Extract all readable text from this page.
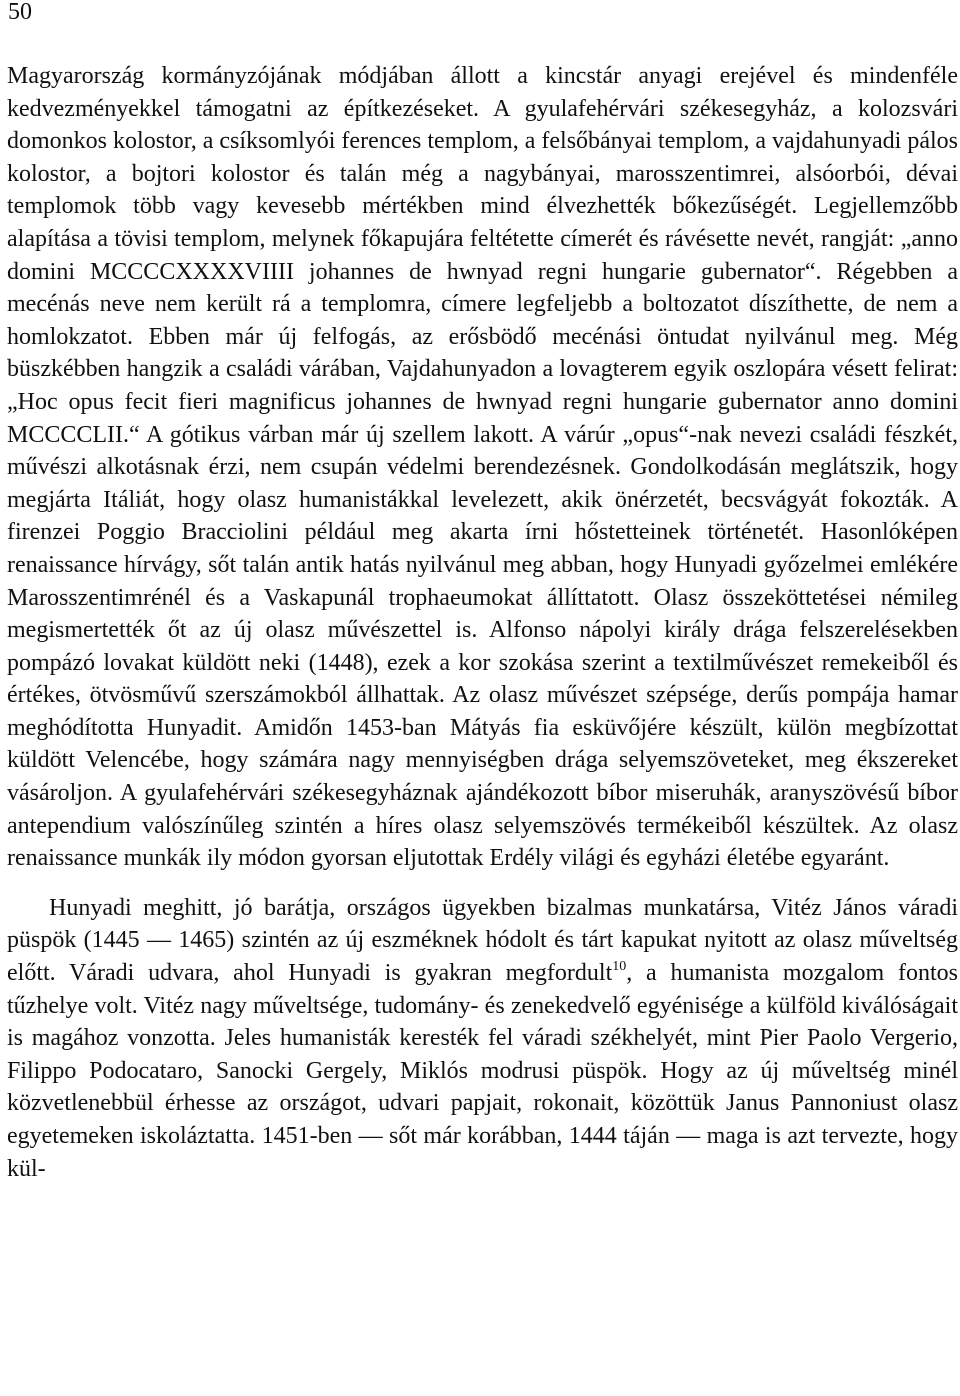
50

Magyarország kormányzójának módjában állott a kincstár anyagi erejével és mindenféle kedvezményekkel támogatni az építkezéseket. A gyulafehérvári székesegyház, a kolozsvári domonkos kolostor, a csíksomlyói ferences templom, a felsőbányai templom, a vajdahunyadi pálos kolostor, a bojtori kolostor és talán még a nagybányai, marosszentimrei, alsóorbói, dévai templomok több vagy kevesebb mértékben mind élvezhették bőkezűségét. Legjellemzőbb alapítása a tövisi templom, melynek főkapujára feltétette címerét és rávésette nevét, rangját: „anno domini MCCCCXXXXVIIII johannes de hwnyad regni hungarie gubernator“. Régebben a mecénás neve nem került rá a templomra, címere legfeljebb a boltozatot díszíthette, de nem a homlokzatot. Ebben már új felfogás, az erősbödő mecénási öntudat nyilvánul meg. Még büszkébben hangzik a családi várában, Vajdahunyadon a lovagterem egyik oszlopára vésett felirat: „Hoc opus fecit fieri magnificus johannes de hwnyad regni hungarie gubernator anno domini MCCCCLII.“ A gótikus várban már új szellem lakott. A várúr „opus“-nak nevezi családi fészkét, művészi alkotásnak érzi, nem csupán védelmi berendezésnek. Gondolkodásán meglátszik, hogy megjárta Itáliát, hogy olasz humanistákkal levelezett, akik önérzetét, becsvágyát fokozták. A firenzei Poggio Bracciolini például meg akarta írni hőstetteinek történetét. Hasonlóképen renaissance hírvágy, sőt talán antik hatás nyilvánul meg abban, hogy Hunyadi győzelmei emlékére Marosszentimrénél és a Vaskapunál trophaeumokat állíttatott. Olasz összeköttetései némileg megismertették őt az új olasz művészettel is. Alfonso nápolyi király drága felszerelésekben pompázó lovakat küldött neki (1448), ezek a kor szokása szerint a textilművészet remekeiből és értékes, ötvösművű szerszámokból állhattak. Az olasz művészet szépsége, derűs pompája hamar meghódította Hunyadit. Amidőn 1453-ban Mátyás fia esküvőjére készült, külön megbízottat küldött Velencébe, hogy számára nagy mennyiségben drága selyemszöveteket, meg ékszereket vásároljon. A gyulafehérvári székesegyháznak ajándékozott bíbor miseruhák, aranyszövésű bíbor antependium valószínűleg szintén a híres olasz selyemszövés termékeiből készültek. Az olasz renaissance munkák ily módon gyorsan eljutottak Erdély világi és egyházi életébe egyaránt.

Hunyadi meghitt, jó barátja, országos ügyekben bizalmas munkatársa, Vitéz János váradi püspök (1445 — 1465) szintén az új eszméknek hódolt és tárt kapukat nyitott az olasz műveltség előtt. Váradi udvara, ahol Hunyadi is gyakran megfordult$^{10}$, a humanista mozgalom fontos tűzhelye volt. Vitéz nagy műveltsége, tudomány- és zenekedvelő egyénisége a külföld kiválóságait is magához vonzotta. Jeles humanisták keresték fel váradi székhelyét, mint Pier Paolo Vergerio, Filippo Podocataro, Sanocki Gergely, Miklós modrusi püspök. Hogy az új műveltség minél közvetlenebbül érhesse az országot, udvari papjait, rokonait, közöttük Janus Pannoniust olasz egyetemeken iskoláztatta. 1451-ben — sőt már korábban, 1444 táján — maga is azt tervezte, hogy kül-
